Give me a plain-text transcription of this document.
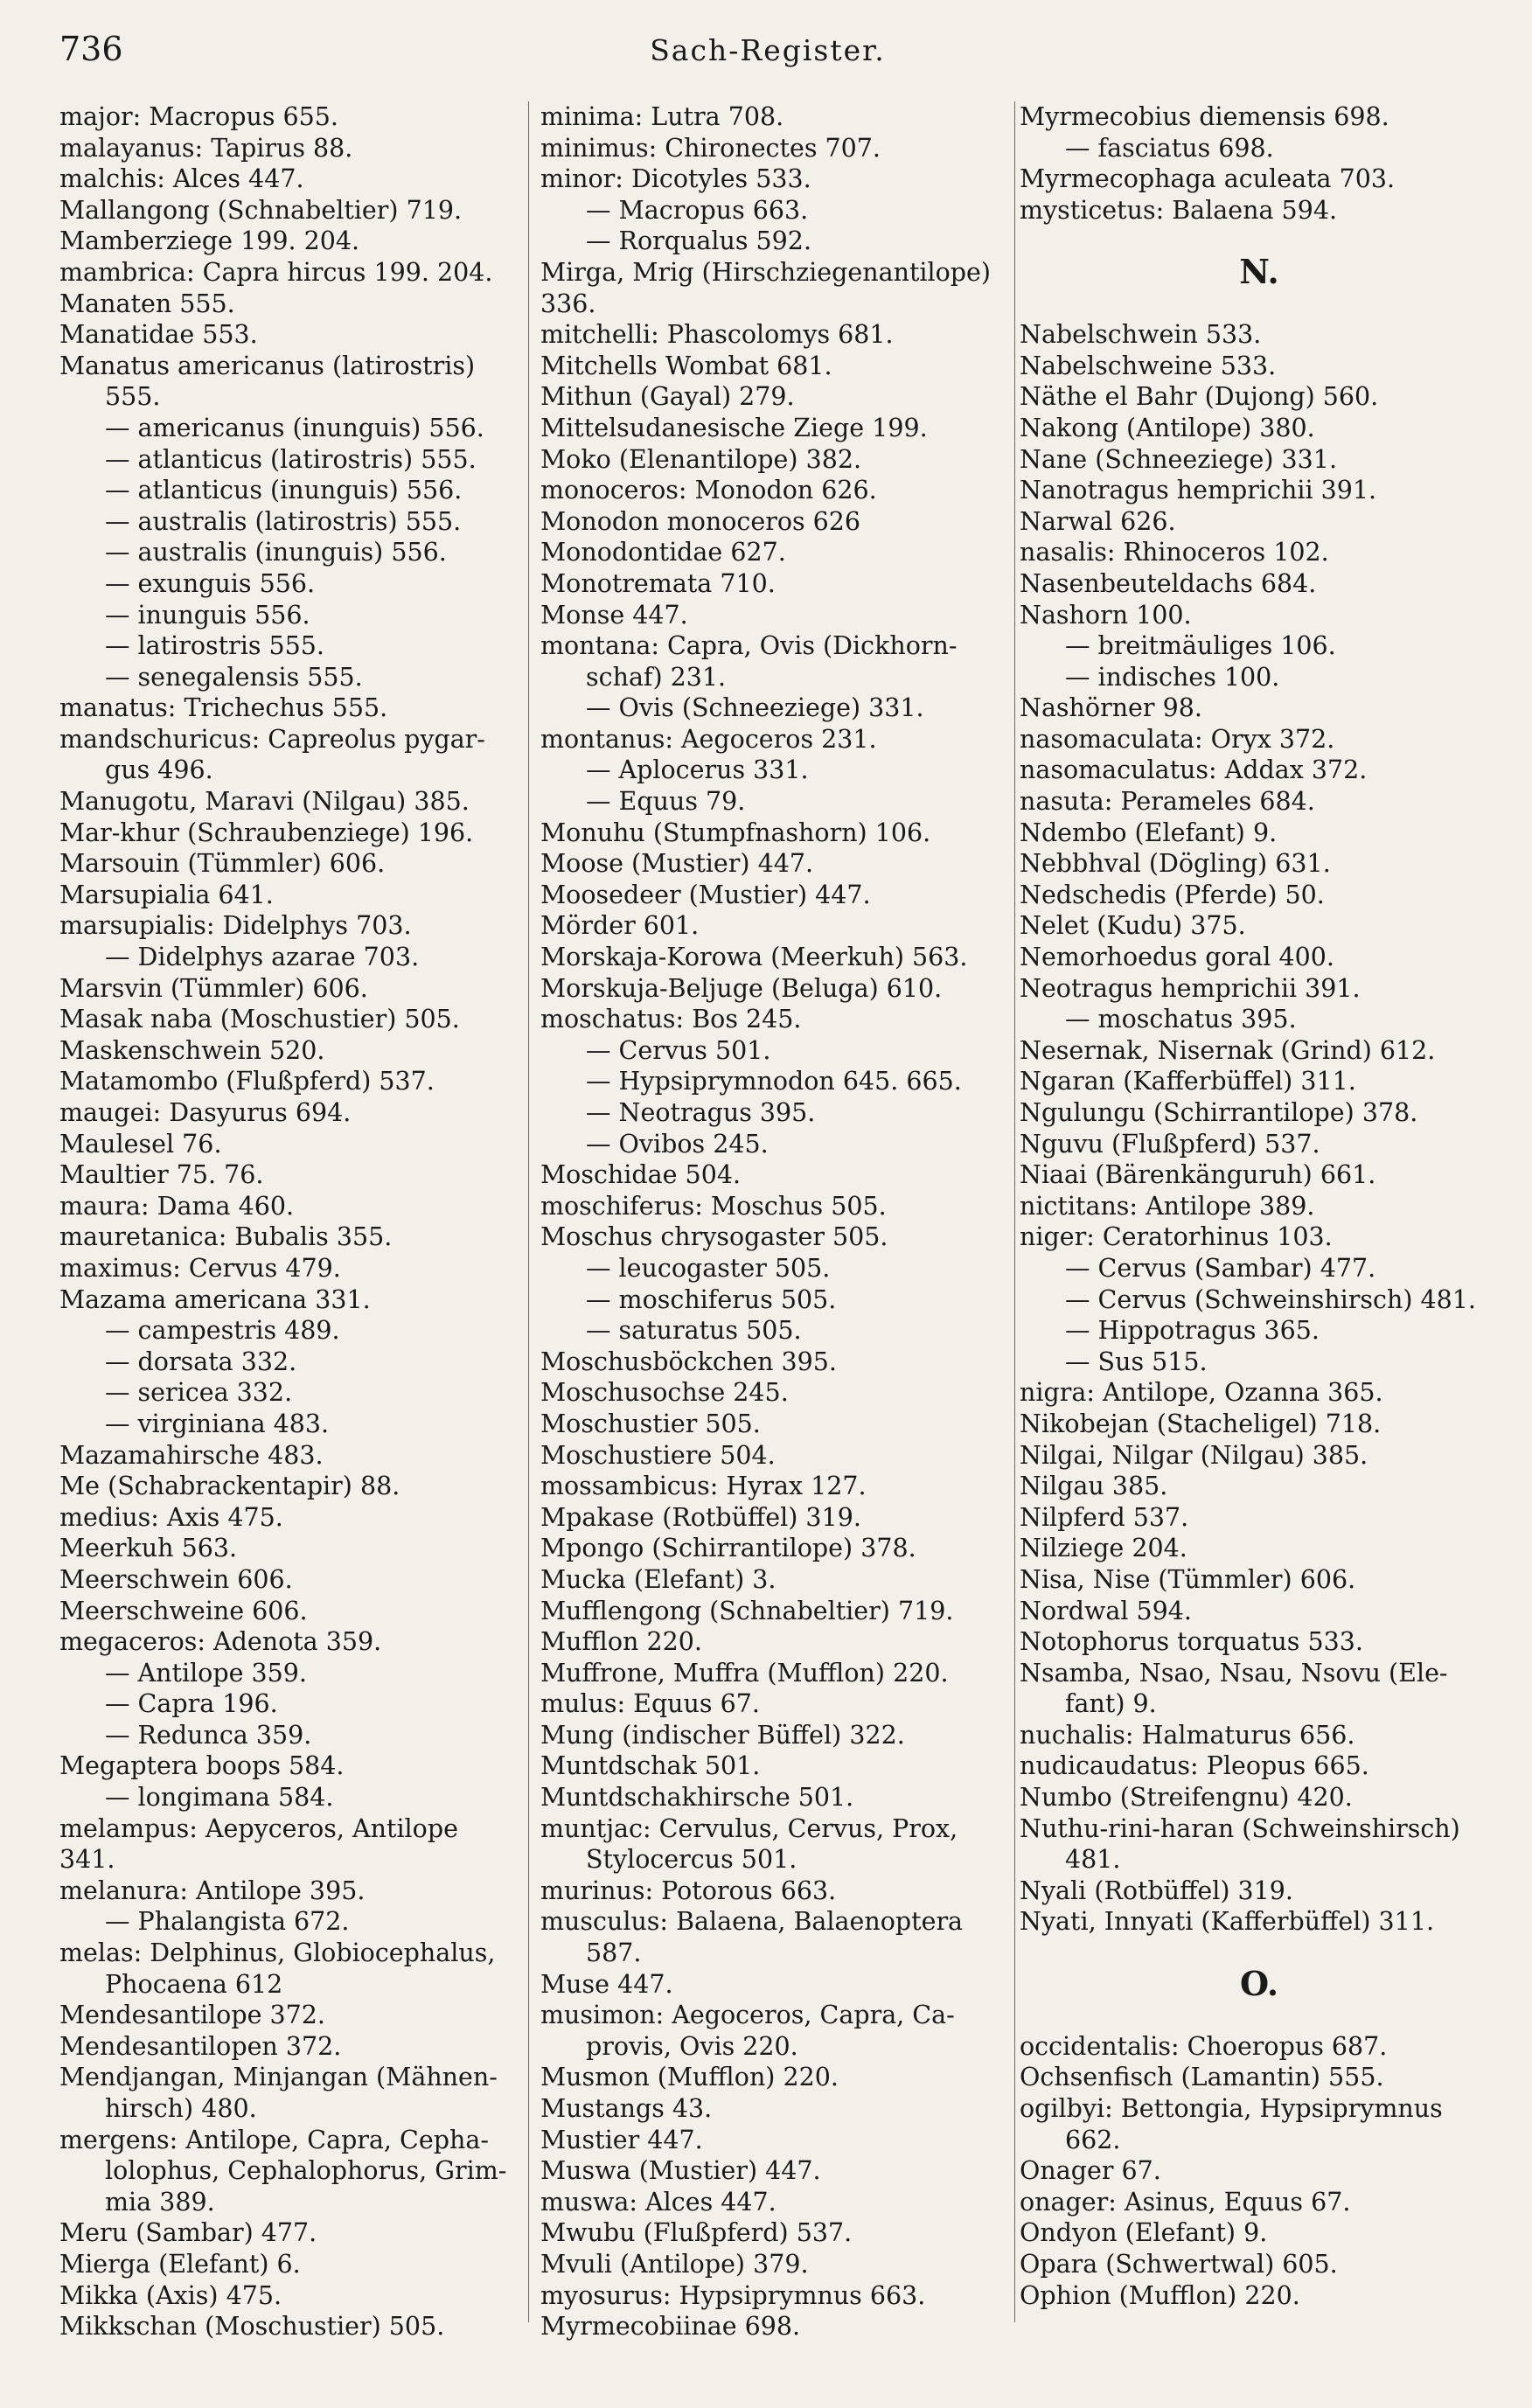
736	Sach-Register.
major: Macropus 655.
malayanus: Tapirus 88.
malchis: Alces 447.
Mallangong (Schnabeltier) 719.
Mamberziege 199. 204.
mambrica: Capra hircus 199. 204.
Manaten 555.
Manatidae 553.
Manatus americanus (latirostris)
555.
— americanus (inunguis) 556.
— atlanticus (latirostris) 555.
— atlanticus (inunguis) 556.
— australis (latirostris) 555.
— australis (inunguis) 556.
— exunguis 556.
— inunguis 556.
— latirostris 555.
— senegalensis 555.
manatus: Trichechus 555.
mandschuricus: Capreolus pygar-
gus 496.
Manugotu, Maravi (Nilgau) 385.
Mar-khur (Schraubenziege) 196.
Marsouin (Tümmler) 606.
Marsupialia 641.
marsupialis: Didelphys 703.
— Didelphys azarae 703.
Marsvin (Tümmler) 606.
Masak naba (Moschustier) 505.
Maskenschwein 520.
Matamombo (Flußpferd) 537.
maugei: Dasyurus 694.
Maulesel 76.
Maultier 75. 76.
maura: Dama 460.
mauretanica: Bubalis 355.
maximus: Cervus 479.
Mazama americana 331.
— campestris 489.
— dorsata 332.
— sericea 332.
— virginiana 483.
Mazamahirsche 483.
Me (Schabrackentapir) 88.
medius: Axis 475.
Meerkuh 563.
Meerschwein 606.
Meerschweine 606.
megaceros: Adenota 359.
— Antilope 359.
— Capra 196.
— Redunca 359.
Megaptera boops 584.
— longimana 584.
melampus: Aepyceros, Antilope
341.
melanura: Antilope 395.
— Phalangista 672.
melas: Delphinus, Globiocephalus,
Phocaena 612
Mendesantilope 372.
Mendesantilopen 372.
Mendjangan, Minjangan (Mähnen-
hirsch) 480.
mergens: Antilope, Capra, Cepha-
lolophus, Cephalophorus, Grim-
mia 389.
Meru (Sambar) 477.
Mierga (Elefant) 6.
Mikka (Axis) 475.
Mikkschan (Moschustier) 505.
minima: Lutra 708.
minimus: Chironectes 707.
minor: Dicotyles 533.
— Macropus 663.
— Rorqualus 592.
Mirga, Mrig (Hirschziegenantilope)
336.
mitchelli: Phascolomys 681.
Mitchells Wombat 681.
Mithun (Gayal) 279.
Mittelsudanesische Ziege 199.
Moko (Elenantilope) 382.
monoceros: Monodon 626.
Monodon monoceros 626
Monodontidae 627.
Monotremata 710.
Monse 447.
montana: Capra, Ovis (Dickhorn-
schaf) 231.
— Ovis (Schneeziege) 331.
montanus: Aegoceros 231.
— Aplocerus 331.
— Equus 79.
Monuhu (Stumpfnashorn) 106.
Moose (Mustier) 447.
Moosedeer (Mustier) 447.
Mörder 601.
Morskaja-Korowa (Meerkuh) 563.
Morskuja-Beljuge (Beluga) 610.
moschatus: Bos 245.
— Cervus 501.
— Hypsiprymnodon 645. 665.
— Neotragus 395.
— Ovibos 245.
Moschidae 504.
moschiferus: Moschus 505.
Moschus chrysogaster 505.
— leucogaster 505.
— moschiferus 505.
— saturatus 505.
Moschusböckchen 395.
Moschusochse 245.
Moschustier 505.
Moschustiere 504.
mossambicus: Hyrax 127.
Mpakase (Rotbüffel) 319.
Mpongo (Schirrantilope) 378.
Mucka (Elefant) 3.
Mufflengong (Schnabeltier) 719.
Mufflon 220.
Muffrone, Muffra (Mufflon) 220.
mulus: Equus 67.
Mung (indischer Büffel) 322.
Muntdschak 501.
Muntdschakhirsche 501.
muntjac: Cervulus, Cervus, Prox,
Stylocercus 501.
murinus: Potorous 663.
musculus: Balaena, Balaenoptera
587.
Muse 447.
musimon: Aegoceros, Capra, Ca-
provis, Ovis 220.
Musmon (Mufflon) 220.
Mustangs 43.
Mustier 447.
Muswa (Mustier) 447.
muswa: Alces 447.
Mwubu (Flußpferd) 537.
Mvuli (Antilope) 379.
myosurus: Hypsiprymnus 663.
Myrmecobiinae 698.
Myrmecobius diemensis 698.
— fasciatus 698.
Myrmecophaga aculeata 703.
mysticetus: Balaena 594.
N.
Nabelschwein 533.
Nabelschweine 533.
Näthe el Bahr (Dujong) 560.
Nakong (Antilope) 380.
Nane (Schneeziege) 331.
Nanotragus hemprichii 391.
Narwal 626.
nasalis: Rhinoceros 102.
Nasenbeuteldachs 684.
Nashorn 100.
— breitmäuliges 106.
— indisches 100.
Nashörner 98.
nasomaculata: Oryx 372.
nasomaculatus: Addax 372.
nasuta: Perameles 684.
Ndembo (Elefant) 9.
Nebbhval (Dögling) 631.
Nedschedis (Pferde) 50.
Nelet (Kudu) 375.
Nemorhoedus goral 400.
Neotragus hemprichii 391.
— moschatus 395.
Nesernak, Nisernak (Grind) 612.
Ngaran (Kafferbüffel) 311.
Ngulungu (Schirrantilope) 378.
Nguvu (Flußpferd) 537.
Niaai (Bärenkänguruh) 661.
nictitans: Antilope 389.
niger: Ceratorhinus 103.
— Cervus (Sambar) 477.
— Cervus (Schweinshirsch) 481.
— Hippotragus 365.
— Sus 515.
nigra: Antilope, Ozanna 365.
Nikobejan (Stacheligel) 718.
Nilgai, Nilgar (Nilgau) 385.
Nilgau 385.
Nilpferd 537.
Nilziege 204.
Nisa, Nise (Tümmler) 606.
Nordwal 594.
Notophorus torquatus 533.
Nsamba, Nsao, Nsau, Nsovu (Ele-
fant) 9.
nuchalis: Halmaturus 656.
nudicaudatus: Pleopus 665.
Numbo (Streifengnu) 420.
Nuthu-rini-haran (Schweinshirsch)
481.
Nyali (Rotbüffel) 319.
Nyati, Innyati (Kafferbüffel) 311.
O.
occidentalis: Choeropus 687.
Ochsenfisch (Lamantin) 555.
ogilbyi: Bettongia, Hypsiprymnus
662.
Onager 67.
onager: Asinus, Equus 67.
Ondyon (Elefant) 9.
Opara (Schwertwal) 605.
Ophion (Mufflon) 220.
